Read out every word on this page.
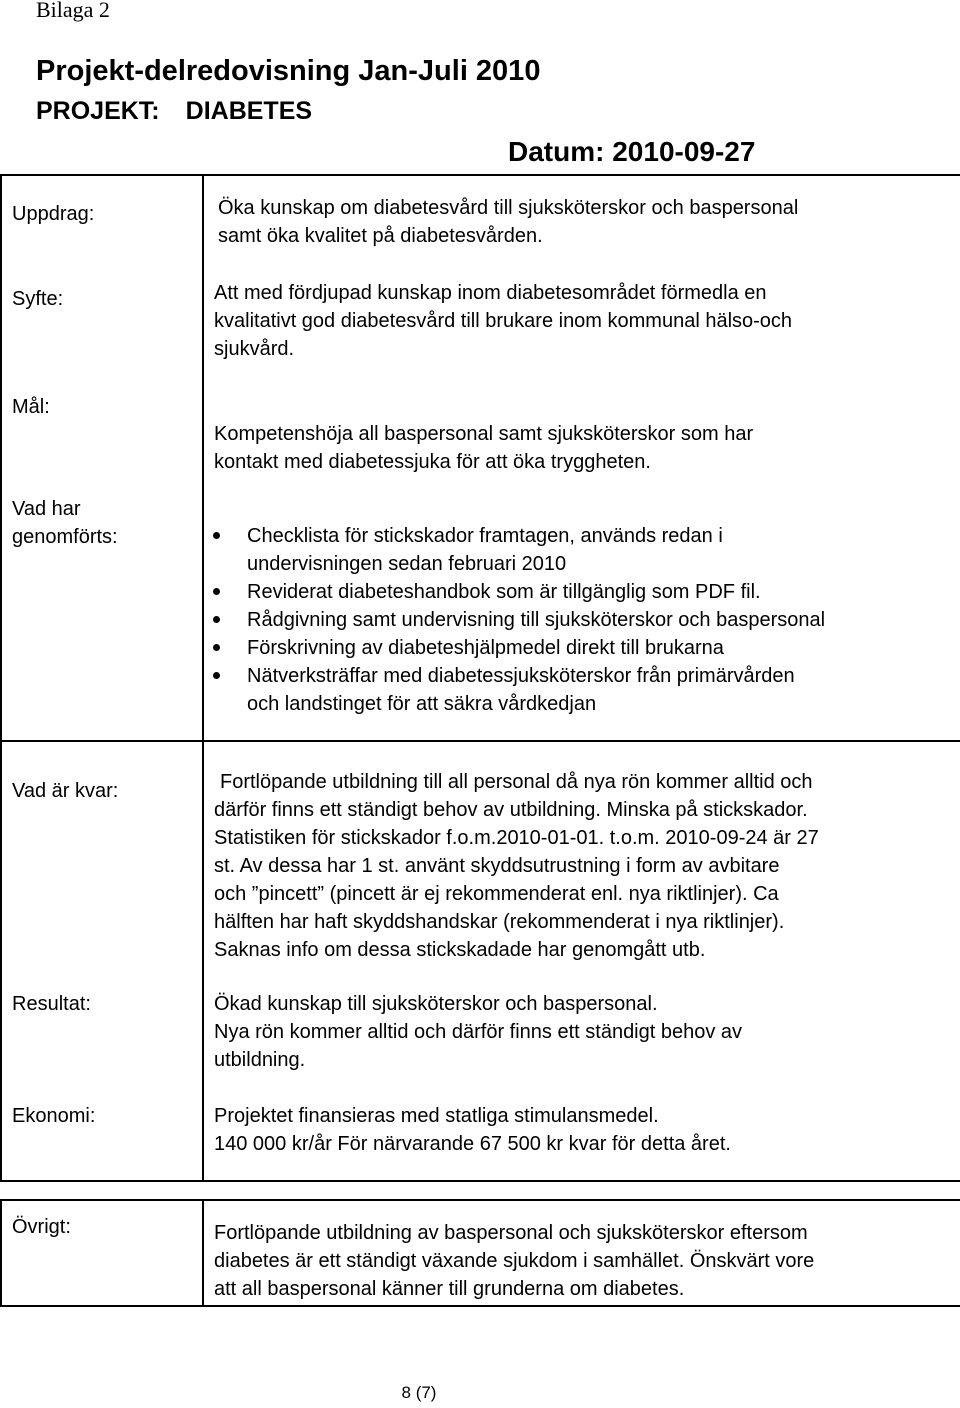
Bilaga 2
Projekt-delredovisning Jan-Juli 2010
PROJEKT: DIABETES
Datum: 2010-09-27
Uppdrag:	Öka kunskap om diabetesvård till sjuksköterskor och baspersonal
samt öka kvalitet på diabetesvården.
Syfte:	Att med fördjupad kunskap inom diabetesområdet förmedla en
kvalitativt god diabetesvård till brukare inom kommunal hälso-och
sjukvård.
Mål:
Kompetenshöja all baspersonal samt sjuksköterskor som har
kontakt med diabetessjuka för att öka tryggheten.
Vad har
genomförts:	Checklista för stickskador framtagen, används redan i
undervisningen sedan februari 2010
Reviderat diabeteshandbok som är tillgänglig som PDF fil.
Rådgivning samt undervisning till sjuksköterskor och baspersonal
Förskrivning av diabeteshjälpmedel direkt till brukarna
Nätverksträffar med diabetessjuksköterskor från primärvården
och landstinget för att säkra vårdkedjan
Vad är kvar:	Fortlöpande utbildning till all personal då nya rön kommer alltid och
därför finns ett ständigt behov av utbildning. Minska på stickskador.
Statistiken för stickskador f.o.m.2010-01-01. t.o.m. 2010-09-24 är 27
st. Av dessa har 1 st. använt skyddsutrustning i form av avbitare
och ”pincett” (pincett är ej rekommenderat enl. nya riktlinjer). Ca
hälften har haft skyddshandskar (rekommenderat i nya riktlinjer).
Saknas info om dessa stickskadade har genomgått utb.
Resultat:	Ökad kunskap till sjuksköterskor och baspersonal.
Nya rön kommer alltid och därför finns ett ständigt behov av
utbildning.
Ekonomi:	Projektet finansieras med statliga stimulansmedel.
140 000 kr/år För närvarande 67 500 kr kvar för detta året.
Övrigt:	Fortlöpande utbildning av baspersonal och sjuksköterskor eftersom
diabetes är ett ständigt växande sjukdom i samhället. Önskvärt vore
att all baspersonal känner till grunderna om diabetes.
8 (7)
